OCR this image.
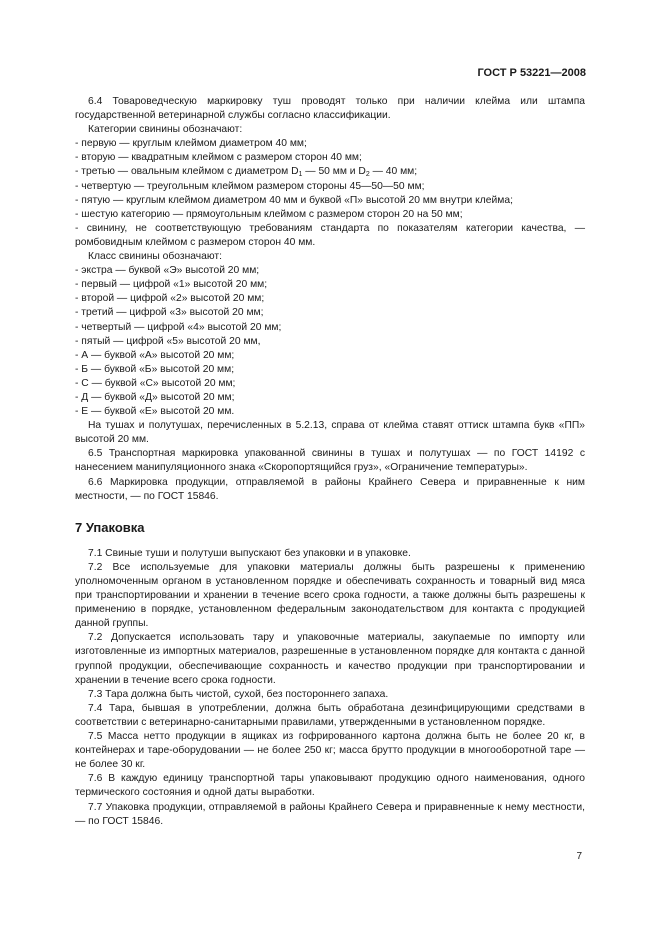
ГОСТ Р 53221—2008

6.4 Товароведческую маркировку туш проводят только при наличии клейма или штампа государственной ветеринарной службы согласно классификации.

Категории свинины обозначают:

- первую — круглым клеймом диаметром 40 мм;

- вторую — квадратным клеймом с размером сторон 40 мм;

- третью — овальным клеймом с диаметром $D_1$ — 50 мм и $D_2$ — 40 мм;

- четвертую — треугольным клеймом размером стороны 45—50—50 мм;

- пятую — круглым клеймом диаметром 40 мм и буквой «П» высотой 20 мм внутри клейма;

- шестую категорию — прямоугольным клеймом с размером сторон 20 на 50 мм;

- свинину, не соответствующую требованиям стандарта по показателям категории качества, — ромбовидным клеймом с размером сторон 40 мм.

Класс свинины обозначают:

- экстра — буквой «Э» высотой 20 мм;

- первый — цифрой «1» высотой 20 мм;

- второй — цифрой «2» высотой 20 мм;

- третий — цифрой «3» высотой 20 мм;

- четвертый — цифрой «4» высотой 20 мм;

- пятый — цифрой «5» высотой 20 мм,

- А — буквой «А» высотой 20 мм;

- Б — буквой «Б» высотой 20 мм;

- С — буквой «С» высотой 20 мм;

- Д — буквой «Д» высотой 20 мм;

- Е — буквой «Е» высотой 20 мм.

На тушах и полутушах, перечисленных в 5.2.13, справа от клейма ставят оттиск штампа букв «ПП» высотой 20 мм.

6.5 Транспортная маркировка упакованной свинины в тушах и полутушах — по ГОСТ 14192 с нанесением манипуляционного знака «Скоропортящийся груз», «Ограничение температуры».

6.6 Маркировка продукции, отправляемой в районы Крайнего Севера и приравненные к ним местности, — по ГОСТ 15846.

7 Упаковка

7.1 Свиные туши и полутуши выпускают без упаковки и в упаковке.

7.2 Все используемые для упаковки материалы должны быть разрешены к применению уполномоченным органом в установленном порядке и обеспечивать сохранность и товарный вид мяса при транспортировании и хранении в течение всего срока годности, а также должны быть разрешены к применению в порядке, установленном федеральным законодательством для контакта с продукцией данной группы.

7.2 Допускается использовать тару и упаковочные материалы, закупаемые по импорту или изготовленные из импортных материалов, разрешенные в установленном порядке для контакта с данной группой продукции, обеспечивающие сохранность и качество продукции при транспортировании и хранении в течение всего срока годности.

7.3 Тара должна быть чистой, сухой, без постороннего запаха.

7.4 Тара, бывшая в употреблении, должна быть обработана дезинфицирующими средствами в соответствии с ветеринарно-санитарными правилами, утвержденными в установленном порядке.

7.5 Масса нетто продукции в ящиках из гофрированного картона должна быть не более 20 кг, в контейнерах и таре-оборудовании — не более 250 кг; масса брутто продукции в многооборотной таре — не более 30 кг.

7.6 В каждую единицу транспортной тары упаковывают продукцию одного наименования, одного термического состояния и одной даты выработки.

7.7 Упаковка продукции, отправляемой в районы Крайнего Севера и приравненные к нему местности, — по ГОСТ 15846.

7
